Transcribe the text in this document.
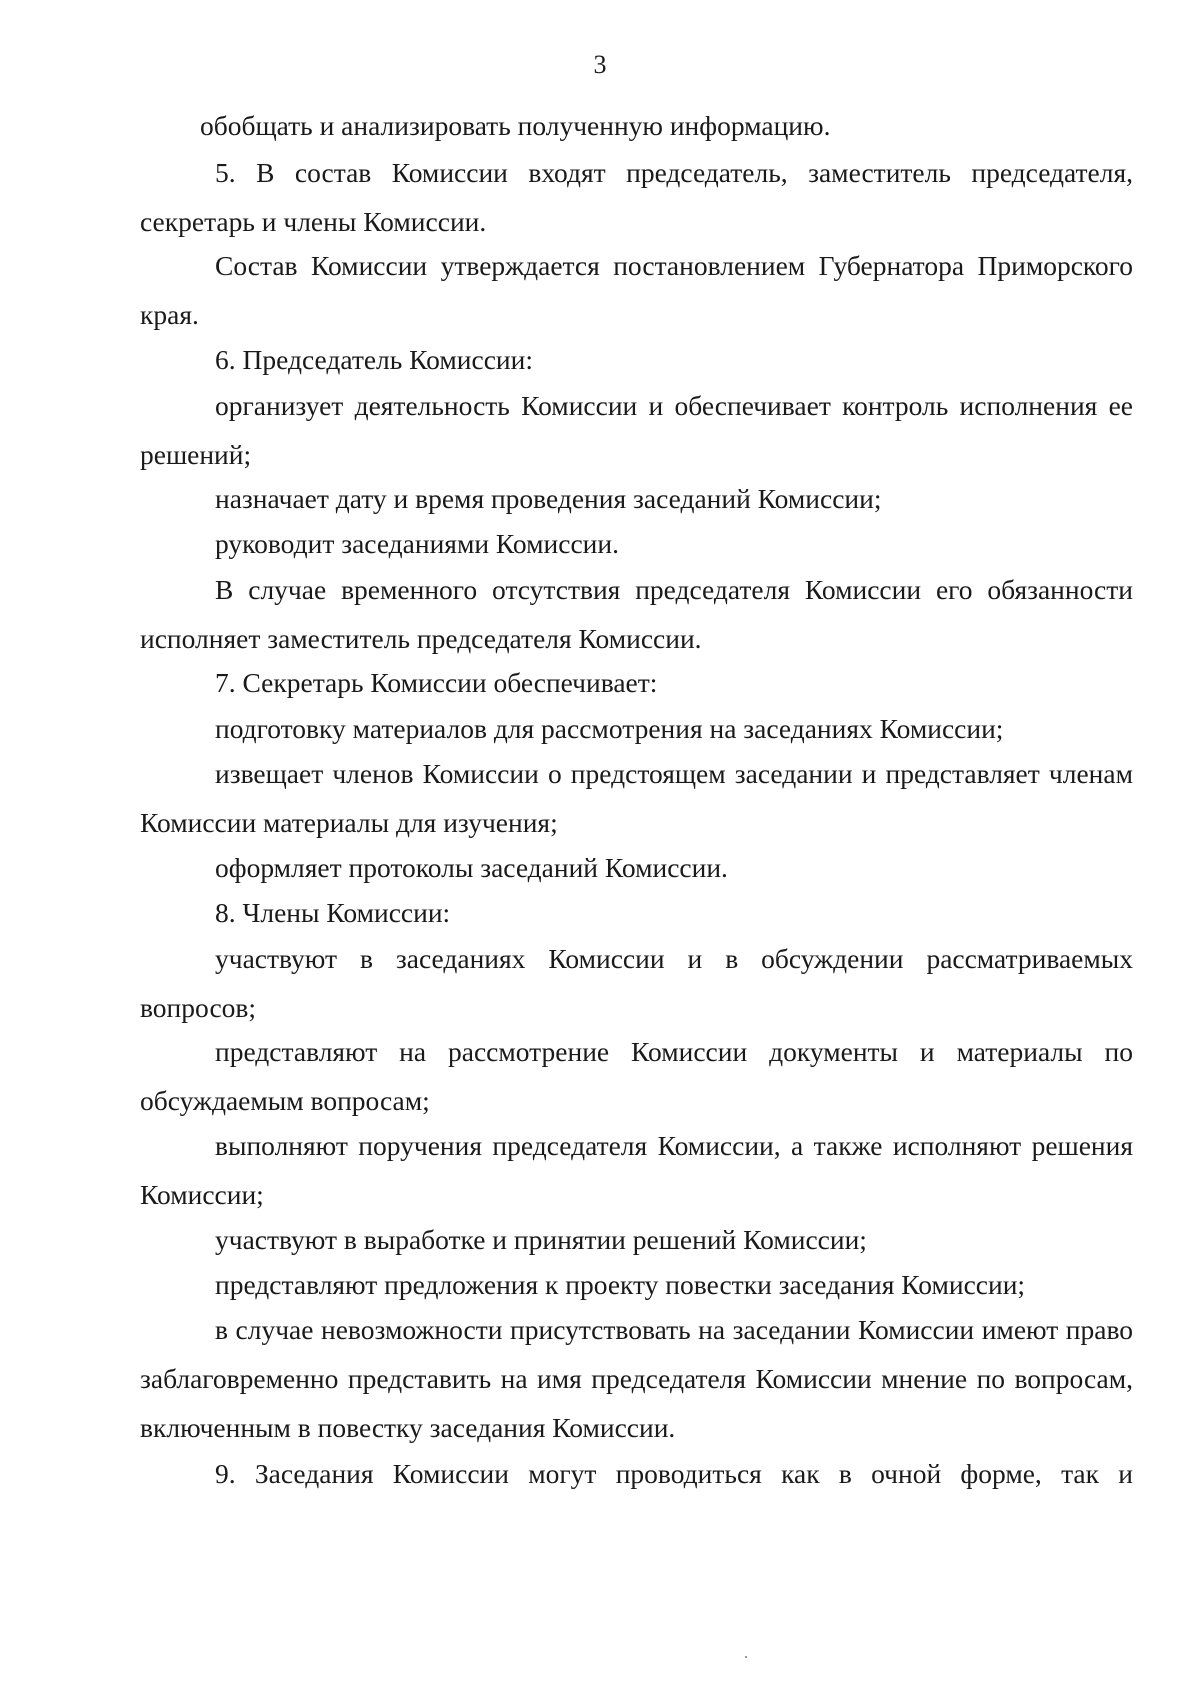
3

обобщать и анализировать полученную информацию.

5. В состав Комиссии входят председатель, заместитель председателя, секретарь и члены Комиссии.

Состав Комиссии утверждается постановлением Губернатора Приморского края.

6. Председатель Комиссии:

организует деятельность Комиссии и обеспечивает контроль исполнения ее решений;

назначает дату и время проведения заседаний Комиссии;

руководит заседаниями Комиссии.

В случае временного отсутствия председателя Комиссии его обязанности исполняет заместитель председателя Комиссии.

7. Секретарь Комиссии обеспечивает:

подготовку материалов для рассмотрения на заседаниях Комиссии;

извещает членов Комиссии о предстоящем заседании и представляет членам Комиссии материалы для изучения;

оформляет протоколы заседаний Комиссии.

8. Члены Комиссии:

участвуют в заседаниях Комиссии и в обсуждении рассматриваемых вопросов;

представляют на рассмотрение Комиссии документы и материалы по обсуждаемым вопросам;

выполняют поручения председателя Комиссии, а также исполняют решения Комиссии;

участвуют в выработке и принятии решений Комиссии;

представляют предложения к проекту повестки заседания Комиссии;

в случае невозможности присутствовать на заседании Комиссии имеют право заблаговременно представить на имя председателя Комиссии мнение по вопросам, включенным в повестку заседания Комиссии.

9. Заседания Комиссии могут проводиться как в очной форме, так и
